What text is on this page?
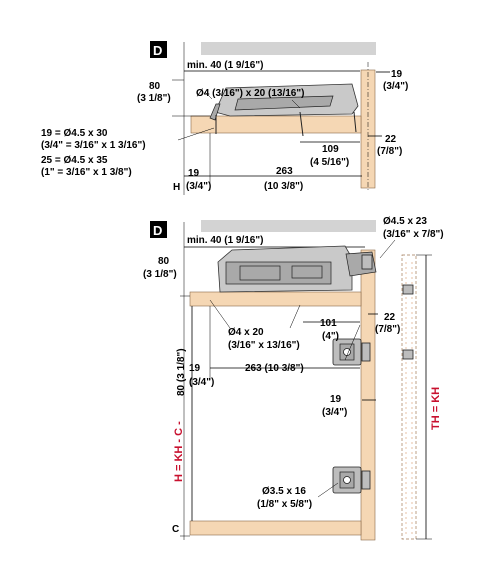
D
min. 40 (1 9/16")
80
(3 1/8")	Ø4 (3/16") x 20 (13/16")
19 = Ø4.5 x 30
(3/4" = 3/16" x 1 3/16")
25 = Ø4.5 x 35
(1" = 3/16" x 1 3/8")
19
(3/4")
22
(7/8")
109
(4 5/16")
19
(3/4")
H
263
(10 3/8")
D
min. 40 (1 9/16")
Ø4.5 x 23
(3/16" x 7/8")
80
(3 1/8")
Ø4 x 20
(3/16" x 13/16")
101
(4")
22
(7/8")
19
(3/4")
263 (10 3/8")
19
(3/4")
80 (3 1/8")
H = KH - C -
TH = KH
Ø3.5 x 16
(1/8" x 5/8")
C
